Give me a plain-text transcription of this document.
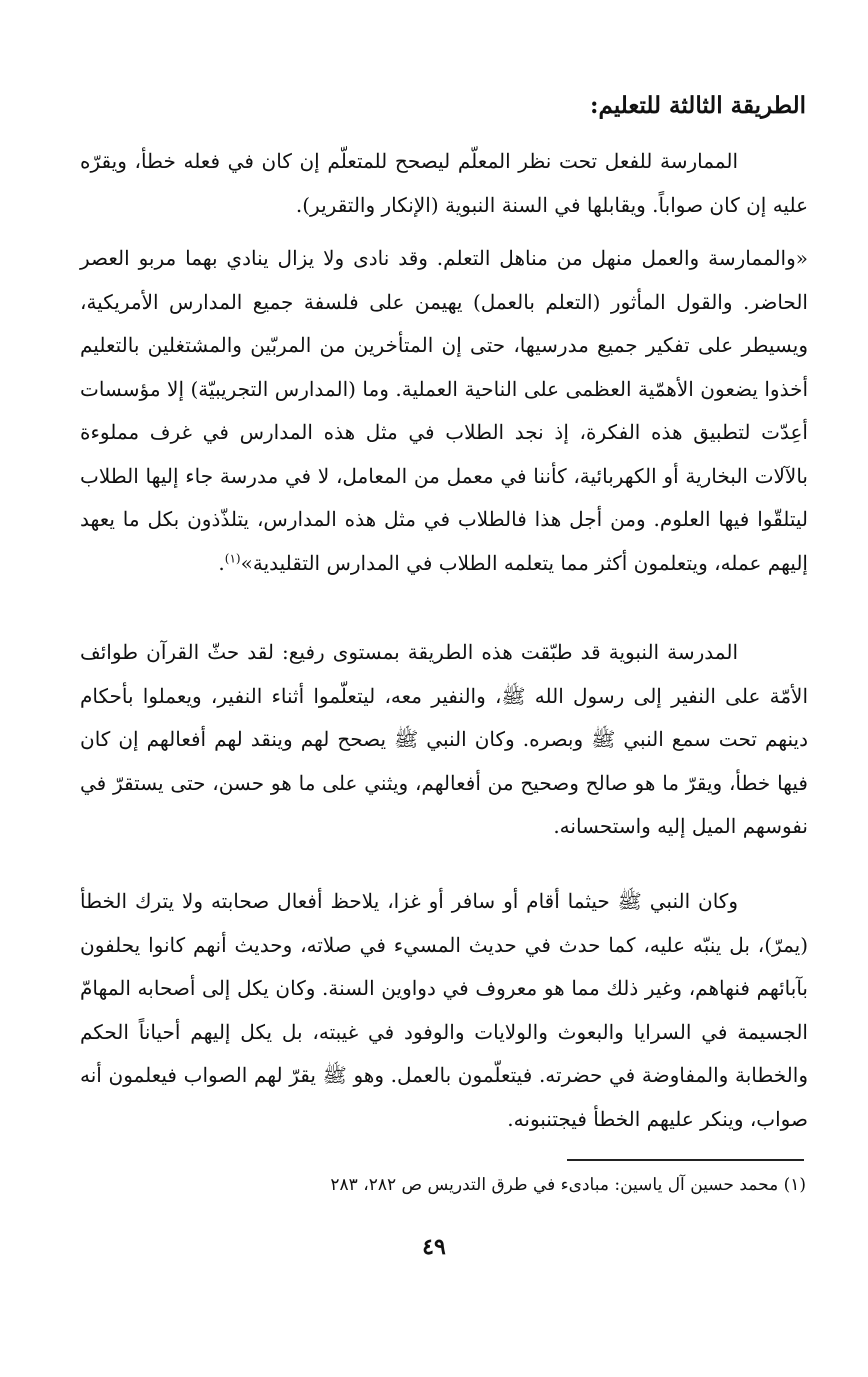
الطريقة الثالثة للتعليم:

الممارسة للفعل تحت نظر المعلّم ليصحح للمتعلّم إن كان في فعله خطأ، ويقرّه عليه إن كان صواباً. ويقابلها في السنة النبوية (الإنكار والتقرير).

«والممارسة والعمل منهل من مناهل التعلم. وقد نادى ولا يزال ينادي بهما مربو العصر الحاضر. والقول المأثور (التعلم بالعمل) يهيمن على فلسفة جميع المدارس الأمريكية، ويسيطر على تفكير جميع مدرسيها، حتى إن المتأخرين من المربّين والمشتغلين بالتعليم أخذوا يضعون الأهمّية العظمى على الناحية العملية. وما (المدارس التجريبيّة) إلا مؤسسات أعِدّت لتطبيق هذه الفكرة، إذ نجد الطلاب في مثل هذه المدارس في غرف مملوءة بالآلات البخارية أو الكهربائية، كأننا في معمل من المعامل، لا في مدرسة جاء إليها الطلاب ليتلقّوا فيها العلوم. ومن أجل هذا فالطلاب في مثل هذه المدارس، يتلذّذون بكل ما يعهد إليهم عمله، ويتعلمون أكثر مما يتعلمه الطلاب في المدارس التقليدية»$^{(١)}$.

المدرسة النبوية قد طبّقت هذه الطريقة بمستوى رفيع: لقد حثّ القرآن طوائف الأمّة على النفير إلى رسول الله ﷺ، والنفير معه، ليتعلّموا أثناء النفير، ويعملوا بأحكام دينهم تحت سمع النبي ﷺ وبصره. وكان النبي ﷺ يصحح لهم وينقد لهم أفعالهم إن كان فيها خطأ، ويقرّ ما هو صالح وصحيح من أفعالهم، ويثني على ما هو حسن، حتى يستقرّ في نفوسهم الميل إليه واستحسانه.

وكان النبي ﷺ حيثما أقام أو سافر أو غزا، يلاحظ أفعال صحابته ولا يترك الخطأ (يمرّ)، بل ينبّه عليه، كما حدث في حديث المسيء في صلاته، وحديث أنهم كانوا يحلفون بآبائهم فنهاهم، وغير ذلك مما هو معروف في دواوين السنة. وكان يكل إلى أصحابه المهامّ الجسيمة في السرايا والبعوث والولايات والوفود في غيبته، بل يكل إليهم أحياناً الحكم والخطابة والمفاوضة في حضرته. فيتعلّمون بالعمل. وهو ﷺ يقرّ لهم الصواب فيعلمون أنه صواب، وينكر عليهم الخطأ فيجتنبونه.

(١) محمد حسين آل ياسين: مبادىء في طرق التدريس ص ٢٨٢، ٢٨٣

٤٩
